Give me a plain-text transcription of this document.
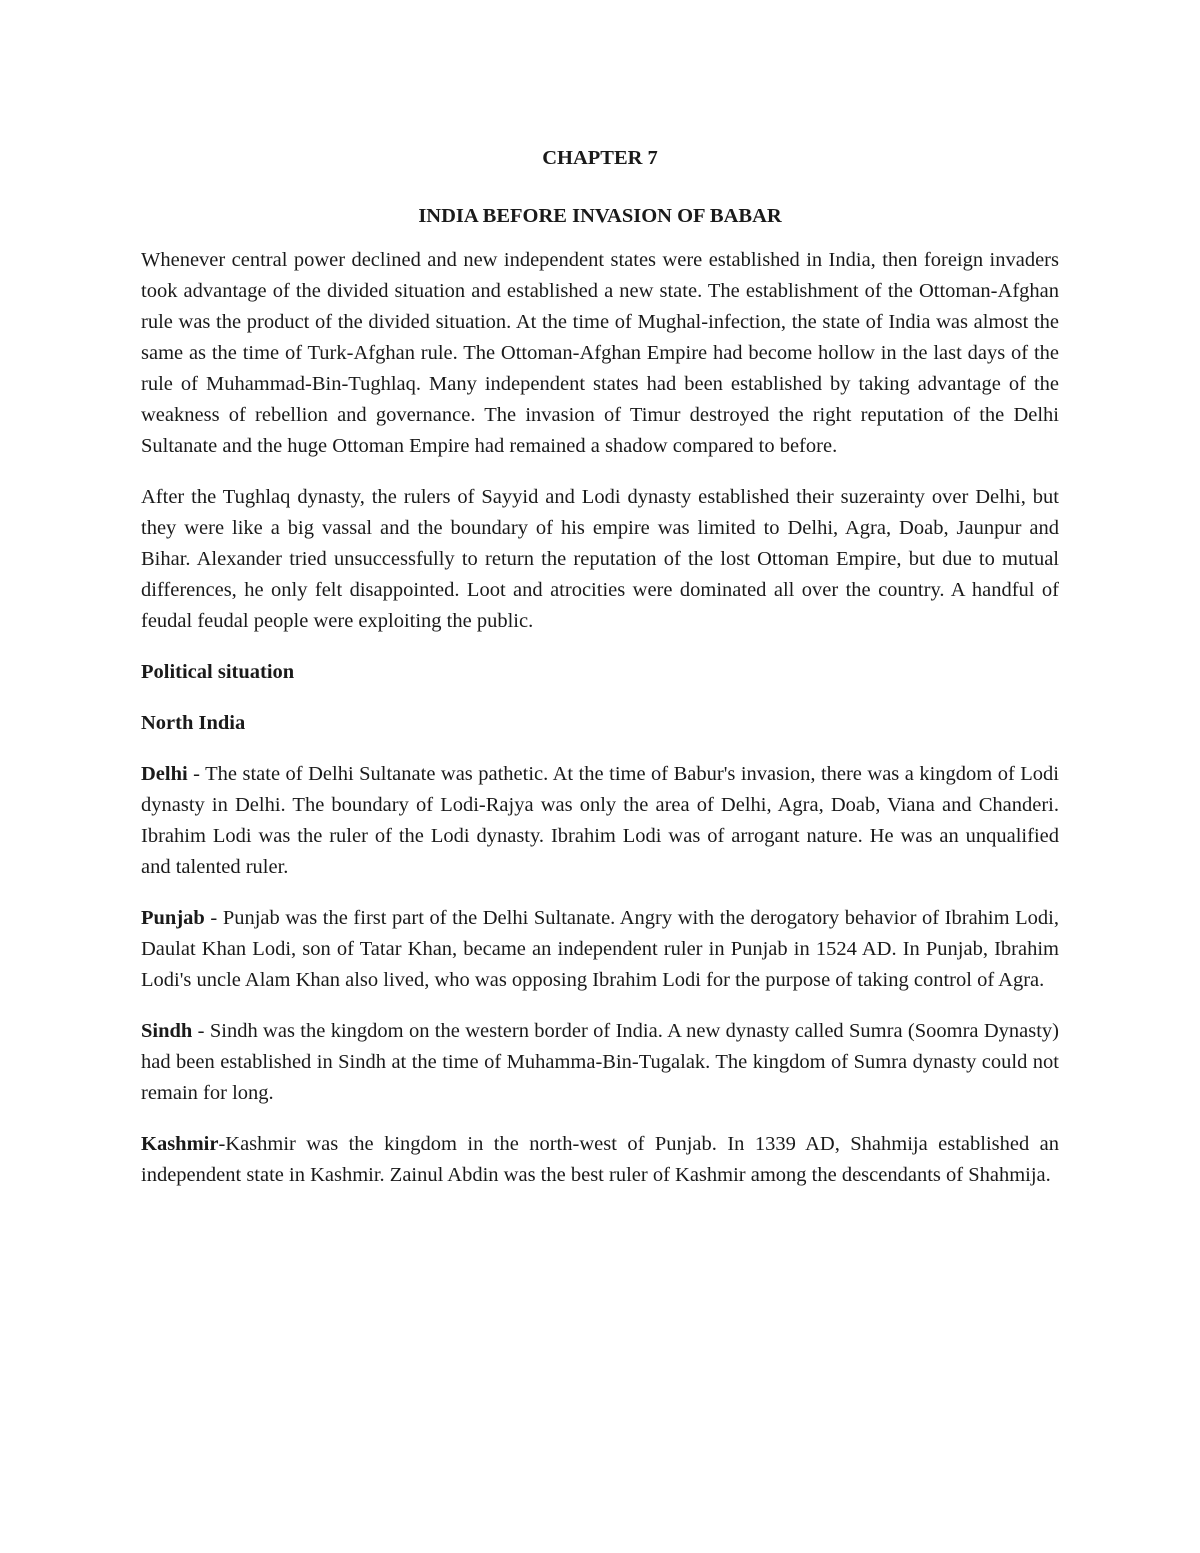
CHAPTER 7
INDIA BEFORE INVASION OF BABAR

Whenever central power declined and new independent states were established in India, then foreign invaders took advantage of the divided situation and established a new state. The establishment of the Ottoman-Afghan rule was the product of the divided situation. At the time of Mughal-infection, the state of India was almost the same as the time of Turk-Afghan rule. The Ottoman-Afghan Empire had become hollow in the last days of the rule of Muhammad-Bin-Tughlaq. Many independent states had been established by taking advantage of the weakness of rebellion and governance. The invasion of Timur destroyed the right reputation of the Delhi Sultanate and the huge Ottoman Empire had remained a shadow compared to before.

After the Tughlaq dynasty, the rulers of Sayyid and Lodi dynasty established their suzerainty over Delhi, but they were like a big vassal and the boundary of his empire was limited to Delhi, Agra, Doab, Jaunpur and Bihar. Alexander tried unsuccessfully to return the reputation of the lost Ottoman Empire, but due to mutual differences, he only felt disappointed. Loot and atrocities were dominated all over the country. A handful of feudal feudal people were exploiting the public.

Political situation
North India

Delhi - The state of Delhi Sultanate was pathetic. At the time of Babur's invasion, there was a kingdom of Lodi dynasty in Delhi. The boundary of Lodi-Rajya was only the area of Delhi, Agra, Doab, Viana and Chanderi. Ibrahim Lodi was the ruler of the Lodi dynasty. Ibrahim Lodi was of arrogant nature. He was an unqualified and talented ruler.

Punjab - Punjab was the first part of the Delhi Sultanate. Angry with the derogatory behavior of Ibrahim Lodi, Daulat Khan Lodi, son of Tatar Khan, became an independent ruler in Punjab in 1524 AD. In Punjab, Ibrahim Lodi's uncle Alam Khan also lived, who was opposing Ibrahim Lodi for the purpose of taking control of Agra.

Sindh - Sindh was the kingdom on the western border of India. A new dynasty called Sumra (Soomra Dynasty) had been established in Sindh at the time of Muhamma-Bin-Tugalak. The kingdom of Sumra dynasty could not remain for long.

Kashmir-Kashmir was the kingdom in the north-west of Punjab. In 1339 AD, Shahmija established an independent state in Kashmir. Zainul Abdin was the best ruler of Kashmir among the descendants of Shahmija.
